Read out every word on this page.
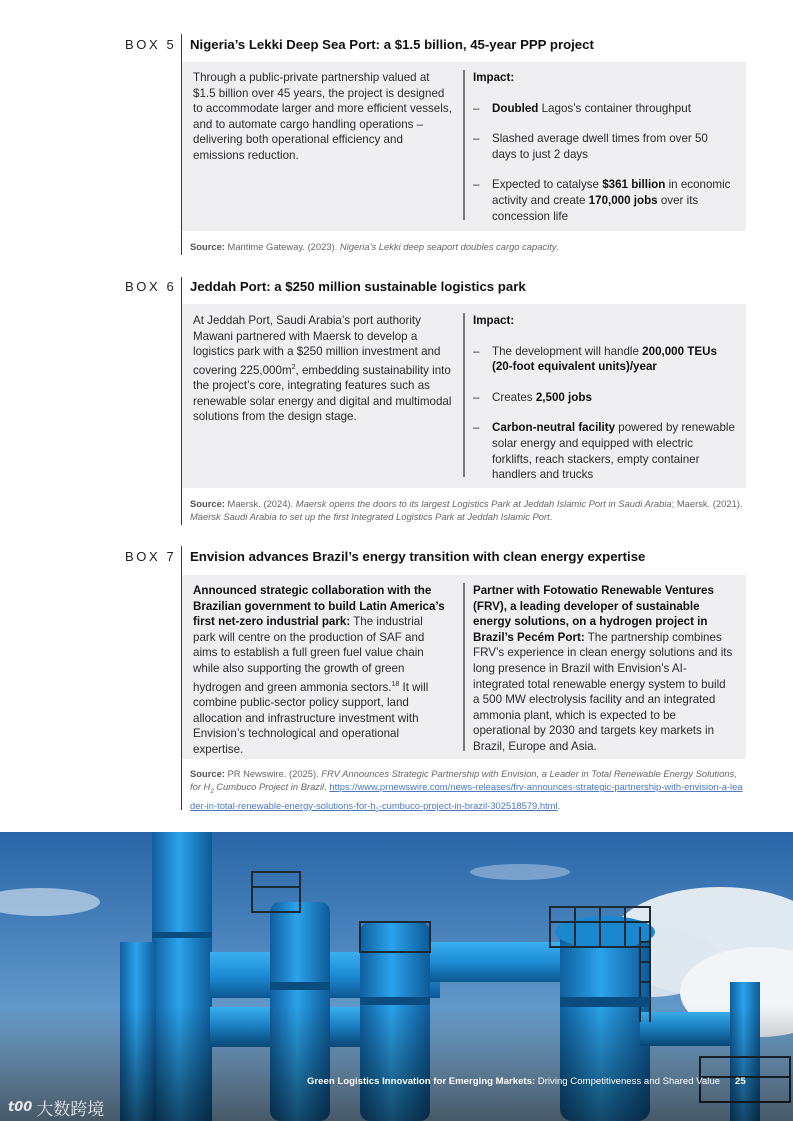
BOX 5 Nigeria’s Lekki Deep Sea Port: a $1.5 billion, 45-year PPP project
Through a public-private partnership valued at $1.5 billion over 45 years, the project is designed to accommodate larger and more efficient vessels, and to automate cargo handling operations – delivering both operational efficiency and emissions reduction.
Impact:
– Doubled Lagos’s container throughput
– Slashed average dwell times from over 50 days to just 2 days
– Expected to catalyse $361 billion in economic activity and create 170,000 jobs over its concession life
Source: Maritime Gateway. (2023). Nigeria’s Lekki deep seaport doubles cargo capacity.
BOX 6 Jeddah Port: a $250 million sustainable logistics park
At Jeddah Port, Saudi Arabia’s port authority Mawani partnered with Maersk to develop a logistics park with a $250 million investment and covering $225,000m^2$, embedding sustainability into the project’s core, integrating features such as renewable solar energy and digital and multimodal solutions from the design stage.
Impact:
– The development will handle 200,000 TEUs (20-foot equivalent units)/year
– Creates 2,500 jobs
– Carbon-neutral facility powered by renewable solar energy and equipped with electric forklifts, reach stackers, empty container handlers and trucks
Source: Maersk. (2024). Maersk opens the doors to its largest Logistics Park at Jeddah Islamic Port in Saudi Arabia; Maersk. (2021). Maersk Saudi Arabia to set up the first Integrated Logistics Park at Jeddah Islamic Port.
BOX 7 Envision advances Brazil’s energy transition with clean energy expertise
Announced strategic collaboration with the Brazilian government to build Latin America’s first net-zero industrial park: The industrial park will centre on the production of SAF and aims to establish a full green fuel value chain while also supporting the growth of green hydrogen and green ammonia sectors.$^{18}$ It will combine public-sector policy support, land allocation and infrastructure investment with Envision’s technological and operational expertise.
Partner with Fotowatio Renewable Ventures (FRV), a leading developer of sustainable energy solutions, on a hydrogen project in Brazil’s Pecém Port: The partnership combines FRV’s experience in clean energy solutions and its long presence in Brazil with Envision’s AI-integrated total renewable energy system to build a 500 MW electrolysis facility and an integrated ammonia plant, which is expected to be operational by 2030 and targets key markets in Brazil, Europe and Asia.
Source: PR Newswire. (2025). FRV Announces Strategic Partnership with Envision, a Leader in Total Renewable Energy Solutions, for $H_2$ Cumbuco Project in Brazil. https://www.prnewswire.com/news-releases/frv-announces-strategic-partnership-with-envision-a-leader-in-total-renewable-energy-$solutions-for-h_2-cumbuco-project-in-brazil-302518579.html$.
Green Logistics Innovation for Emerging Markets: Driving Competitiveness and Shared Value 25
t00 大数跨境
